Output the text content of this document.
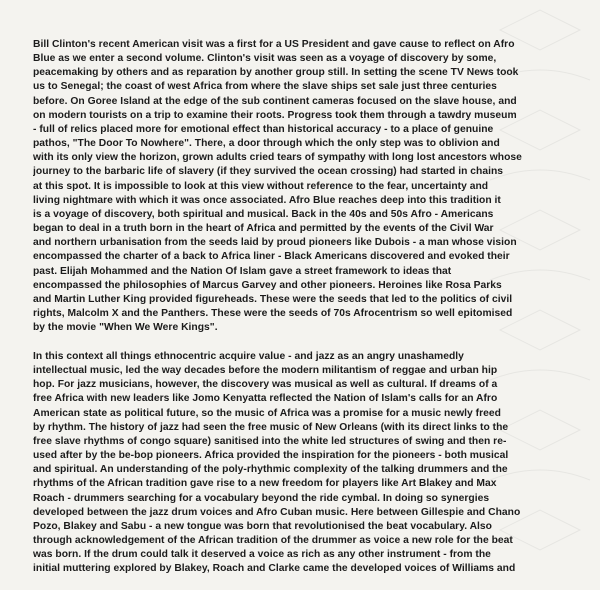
Bill Clinton's recent American visit was a first for a US President and gave cause to reflect on Afro
Blue as we enter a second volume. Clinton's visit was seen as a voyage of discovery by some,
peacemaking by others and as reparation by another group still. In setting the scene TV News took
us to Senegal; the coast of west Africa from where the slave ships set sale just three centuries
before. On Goree Island at the edge of the sub continent cameras focused on the slave house, and
on modern tourists on a trip to examine their roots. Progress took them through a tawdry museum
- full of relics placed more for emotional effect than historical accuracy - to a place of genuine
pathos, "The Door To Nowhere". There, a door through which the only step was to oblivion and
with its only view the horizon, grown adults cried tears of sympathy with long lost ancestors whose
journey to the barbaric life of slavery (if they survived the ocean crossing) had started in chains
at this spot. It is impossible to look at this view without reference to the fear, uncertainty and
living nightmare with which it was once associated. Afro Blue reaches deep into this tradition it
is a voyage of discovery, both spiritual and musical. Back in the 40s and 50s Afro - Americans
began to deal in a truth born in the heart of Africa and permitted by the events of the Civil War
and northern urbanisation from the seeds laid by proud pioneers like Dubois - a man whose vision
encompassed the charter of a back to Africa liner - Black Americans discovered and evoked their
past. Elijah Mohammed and the Nation Of Islam gave a street framework to ideas that
encompassed the philosophies of Marcus Garvey and other pioneers. Heroines like Rosa Parks
and Martin Luther King provided figureheads. These were the seeds that led to the politics of civil
rights, Malcolm X and the Panthers. These were the seeds of 70s Afrocentrism so well epitomised
by the movie "When We Were Kings".
In this context all things ethnocentric acquire value - and jazz as an angry unashamedly
intellectual music, led the way decades before the modern militantism of reggae and urban hip
hop. For jazz musicians, however, the discovery was musical as well as cultural. If dreams of a
free Africa with new leaders like Jomo Kenyatta reflected the Nation of Islam's calls for an Afro
American state as political future, so the music of Africa was a promise for a music newly freed
by rhythm. The history of jazz had seen the free music of New Orleans (with its direct links to the
free slave rhythms of congo square) sanitised into the white led structures of swing and then re-
used after by the be-bop pioneers. Africa provided the inspiration for the pioneers - both musical
and spiritual. An understanding of the poly-rhythmic complexity of the talking drummers and the
rhythms of the African tradition gave rise to a new freedom for players like Art Blakey and Max
Roach - drummers searching for a vocabulary beyond the ride cymbal. In doing so synergies
developed between the jazz drum voices and Afro Cuban music. Here between Gillespie and Chano
Pozo, Blakey and Sabu - a new tongue was born that revolutionised the beat vocabulary. Also
through acknowledgement of the African tradition of the drummer as voice a new role for the beat
was born. If the drum could talk it deserved a voice as rich as any other instrument - from the
initial muttering explored by Blakey, Roach and Clarke came the developed voices of Williams and
